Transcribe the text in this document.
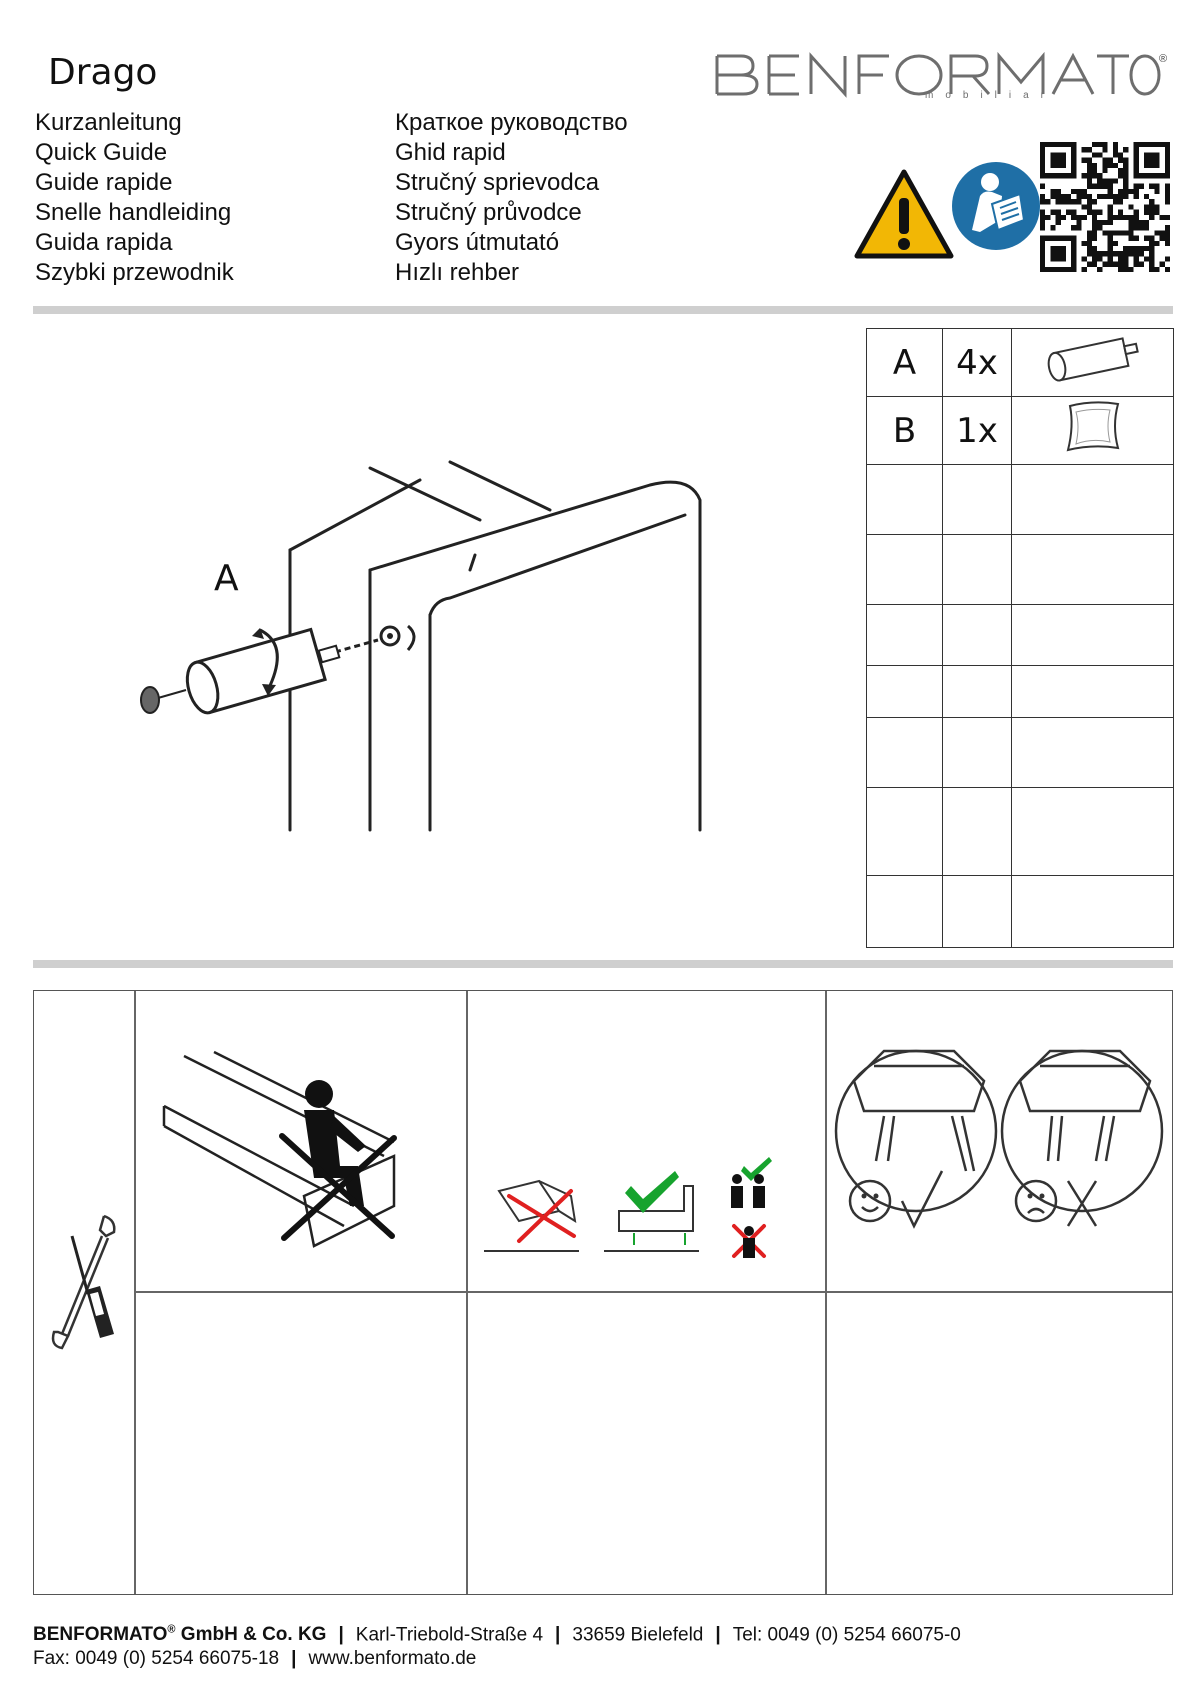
Drago
Kurzanleitung
Quick Guide
Guide rapide
Snelle handleiding
Guida rapida
Szybki przewodnik
Краткое руководство
Ghid rapid
Stručný sprievodca
Stručný průvodce
Gyors útmutató
Hızlı rehber
mobiliar
®
A
A	4x	
B	1x	

BENFORMATO® GmbH & Co. KG | Karl-Triebold-Straße 4 | 33659 Bielefeld | Tel: 0049 (0) 5254 66075-0
Fax: 0049 (0) 5254 66075-18 | www.benformato.de
